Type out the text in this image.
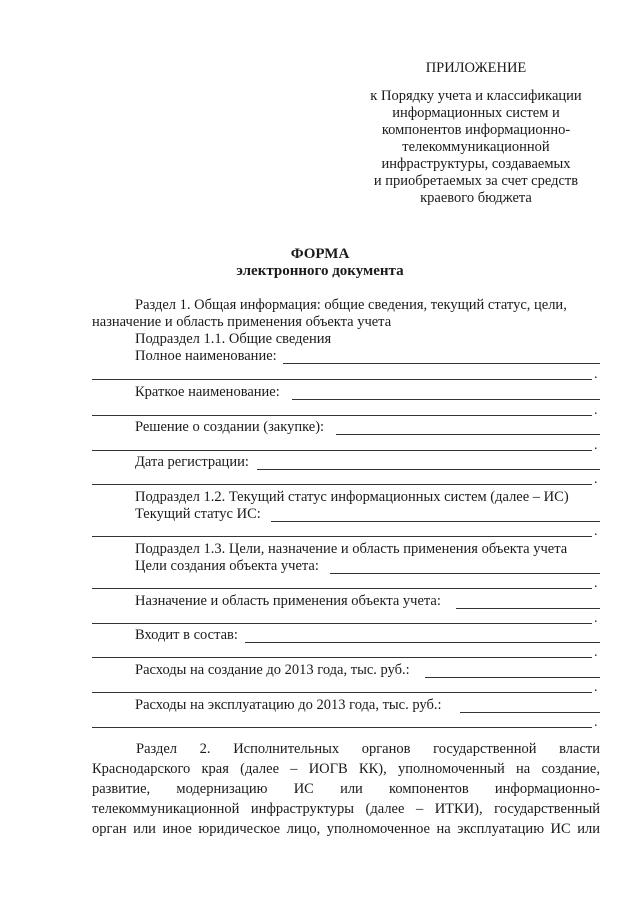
ПРИЛОЖЕНИЕ
к Порядку учета и классификации
информационных систем и
компонентов информационно-
телекоммуникационной
инфраструктуры, создаваемых
и приобретаемых за счет средств
краевого бюджета
ФОРМА
электронного документа
Раздел 1. Общая информация: общие сведения, текущий статус, цели,
назначение и область применения объекта учета
Подраздел 1.1. Общие сведения
Полное наименование:
.
Краткое наименование:
.
Решение о создании (закупке):
.
Дата регистрации:
.
Подраздел 1.2. Текущий статус информационных систем (далее – ИС)
Текущий статус ИС:
.
Подраздел 1.3. Цели, назначение и область применения объекта учета
Цели создания объекта учета:
.
Назначение и область применения объекта учета:
.
Входит в состав:
.
Расходы на создание до 2013 года, тыс. руб.:
.
Расходы на эксплуатацию до 2013 года, тыс. руб.:
.
Раздел 2. Исполнительных органов государственной власти
Краснодарского края (далее – ИОГВ КК), уполномоченный на создание,
развитие, модернизацию ИС или компонентов информационно-
телекоммуникационной инфраструктуры (далее – ИТКИ), государственный
орган или иное юридическое лицо, уполномоченное на эксплуатацию ИС или
